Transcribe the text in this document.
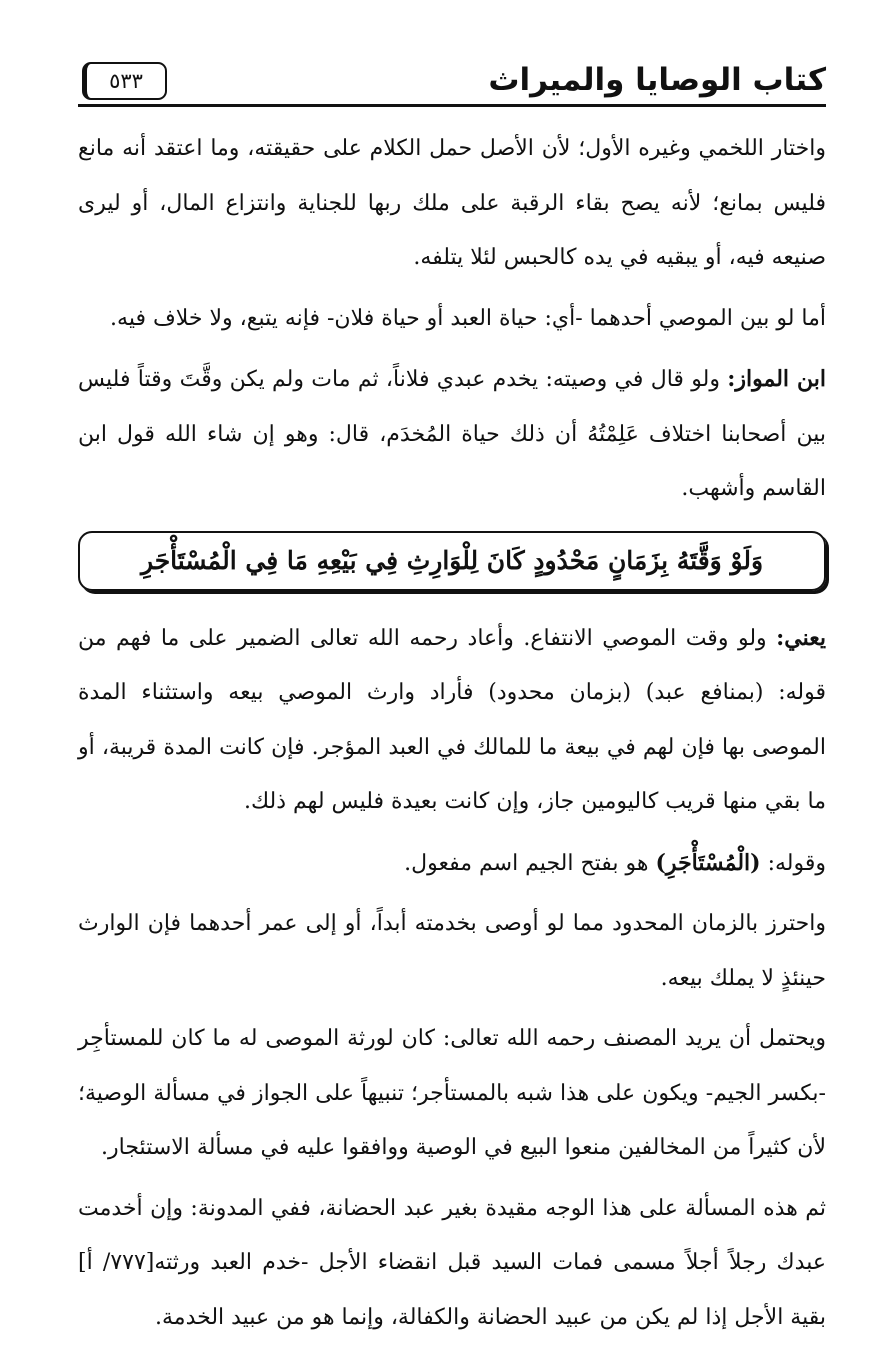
كتاب الوصايا والميراث
٥٣٣

واختار اللخمي وغيره الأول؛ لأن الأصل حمل الكلام على حقيقته، وما اعتقد أنه مانع فليس بمانع؛ لأنه يصح بقاء الرقبة على ملك ربها للجناية وانتزاع المال، أو ليرى صنيعه فيه، أو يبقيه في يده كالحبس لئلا يتلفه.

أما لو بين الموصي أحدهما -أي: حياة العبد أو حياة فلان- فإنه يتبع، ولا خلاف فيه.

ابن المواز: ولو قال في وصيته: يخدم عبدي فلاناً، ثم مات ولم يكن وقَّتَ وقتاً فليس بين أصحابنا اختلاف عَلِمْتُهُ أن ذلك حياة المُخدَم، قال: وهو إن شاء الله قول ابن القاسم وأشهب.

وَلَوْ وَقَّتَهُ بِزَمَانٍ مَحْدُودٍ كَانَ لِلْوَارِثِ فِي بَيْعِهِ مَا فِي الْمُسْتَأْجَرِ

يعني: ولو وقت الموصي الانتفاع. وأعاد رحمه الله تعالى الضمير على ما فهم من قوله: (بمنافع عبد) (بزمان محدود) فأراد وارث الموصي بيعه واستثناء المدة الموصى بها فإن لهم في بيعة ما للمالك في العبد المؤجر. فإن كانت المدة قريبة، أو ما بقي منها قريب كاليومين جاز، وإن كانت بعيدة فليس لهم ذلك.

وقوله: (الْمُسْتَأْجَرِ) هو بفتح الجيم اسم مفعول.

واحترز بالزمان المحدود مما لو أوصى بخدمته أبداً، أو إلى عمر أحدهما فإن الوارث حينئذٍ لا يملك بيعه.

ويحتمل أن يريد المصنف رحمه الله تعالى: كان لورثة الموصى له ما كان للمستأجِر -بكسر الجيم- ويكون على هذا شبه بالمستأجر؛ تنبيهاً على الجواز في مسألة الوصية؛ لأن كثيراً من المخالفين منعوا البيع في الوصية ووافقوا عليه في مسألة الاستئجار.

ثم هذه المسألة على هذا الوجه مقيدة بغير عبد الحضانة، ففي المدونة: وإن أخدمت عبدك رجلاً أجلاً مسمى فمات السيد قبل انقضاء الأجل -خدم العبد ورثته[٧٧٧/ أ] بقية الأجل إذا لم يكن من عبيد الحضانة والكفالة، وإنما هو من عبيد الخدمة.
